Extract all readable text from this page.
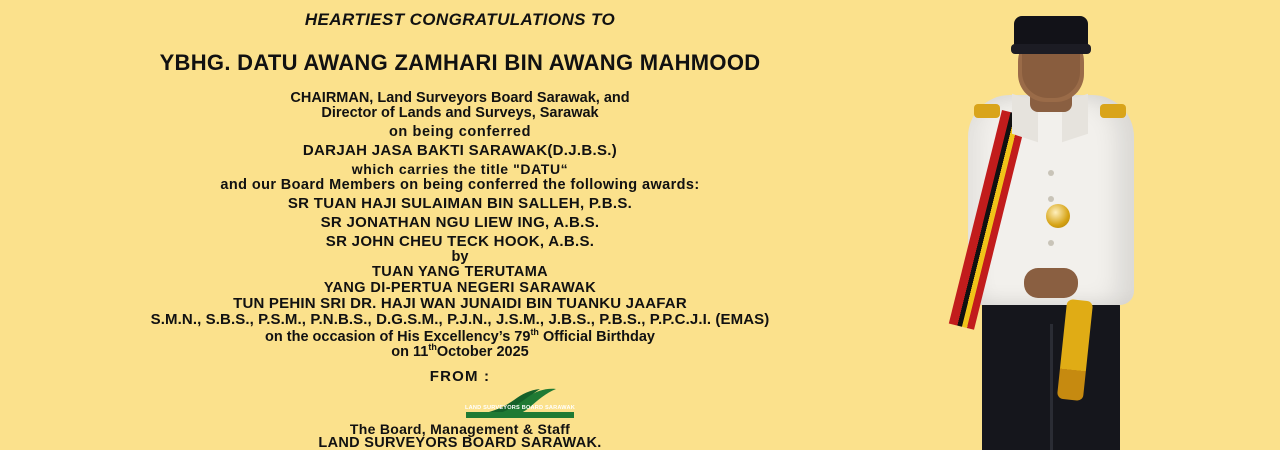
HEARTIEST CONGRATULATIONS TO
YBHG. DATU AWANG ZAMHARI BIN AWANG MAHMOOD
CHAIRMAN, Land Surveyors Board Sarawak, and
Director of Lands and Surveys, Sarawak
on being conferred
DARJAH JASA BAKTI SARAWAK(D.J.B.S.)
which carries the title "DATU“
and our Board Members on being conferred the following awards:
SR TUAN HAJI SULAIMAN BIN SALLEH, P.B.S.
SR JONATHAN NGU LIEW ING, A.B.S.
SR JOHN CHEU TECK HOOK, A.B.S.
by
TUAN YANG TERUTAMA
YANG DI-PERTUA NEGERI SARAWAK
TUN PEHIN SRI DR. HAJI WAN JUNAIDI BIN TUANKU JAAFAR
S.M.N., S.B.S., P.S.M., P.N.B.S., D.G.S.M., P.J.N., J.S.M., J.B.S., P.B.S., P.P.C.J.I. (EMAS)
on the occasion of His Excellency’s 79th Official Birthday
on 11thOctober 2025
FROM :
LAND SURVEYORS BOARD SARAWAK
The Board, Management & Staff
LAND SURVEYORS BOARD SARAWAK.
